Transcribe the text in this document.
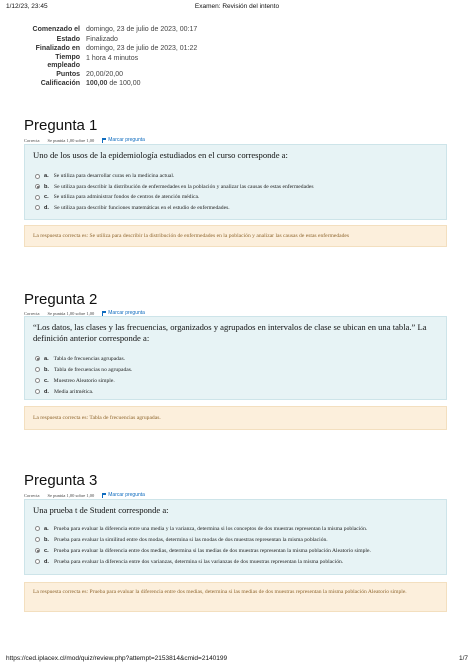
1/12/23, 23:45	Examen: Revisión del intento
Comenzado el domingo, 23 de julio de 2023, 00:17
Estado Finalizado
Finalizado en domingo, 23 de julio de 2023, 01:22
Tiempo empleado
1 hora 4 minutos
Puntos 20,00/20,00
Calificación 100,00 de 100,00
Pregunta 1
Correcta Se puntúa 1,00 sobre 1,00	Marcar pregunta
Uno de los usos de la epidemiología estudiados en el curso corresponde a:
a. Se utiliza para desarrollar curas en la medicina actual.
b. Se utiliza para describir la distribución de enfermedades en la población y analizar las causas de estas enfermedades
c. Se utiliza para administrar fondos de centros de atención médica.
d. Se utiliza para describir funciones matemáticas en el estudio de enfermedades.
La respuesta correcta es: Se utiliza para describir la distribución de enfermedades en la población y analizar las causas de estas enfermedades
Pregunta 2
Correcta Se puntúa 1,00 sobre 1,00	Marcar pregunta
“Los datos, las clases y las frecuencias, organizados y agrupados en intervalos de clase se ubican en una tabla.” La definición anterior corresponde a:
a. Tabla de frecuencias agrupadas.
b. Tabla de frecuencias no agrupadas.
c. Muestreo Aleatorio simple.
d. Media aritmética.
La respuesta correcta es: Tabla de frecuencias agrupadas.
Pregunta 3
Correcta Se puntúa 1,00 sobre 1,00	Marcar pregunta
Una prueba t de Student corresponde a:
a. Prueba para evaluar la diferencia entre una media y la varianza, determina si los conceptos de dos muestras representan la misma población.
b. Prueba para evaluar la similitud entre dos modas, determina si las modas de dos muestras representan la misma población.
c. Prueba para evaluar la diferencia entre dos medias, determina si las medias de dos muestras representan la misma población Aleatorio simple.
d. Prueba para evaluar la diferencia entre dos varianzas, determina si las varianzas de dos muestras representan la misma población.
La respuesta correcta es: Prueba para evaluar la diferencia entre dos medias, determina si las medias de dos muestras representan la misma población Aleatorio simple.
https://ced.iplacex.cl/mod/quiz/review.php?attempt=2153814&cmid=2140199	1/7
